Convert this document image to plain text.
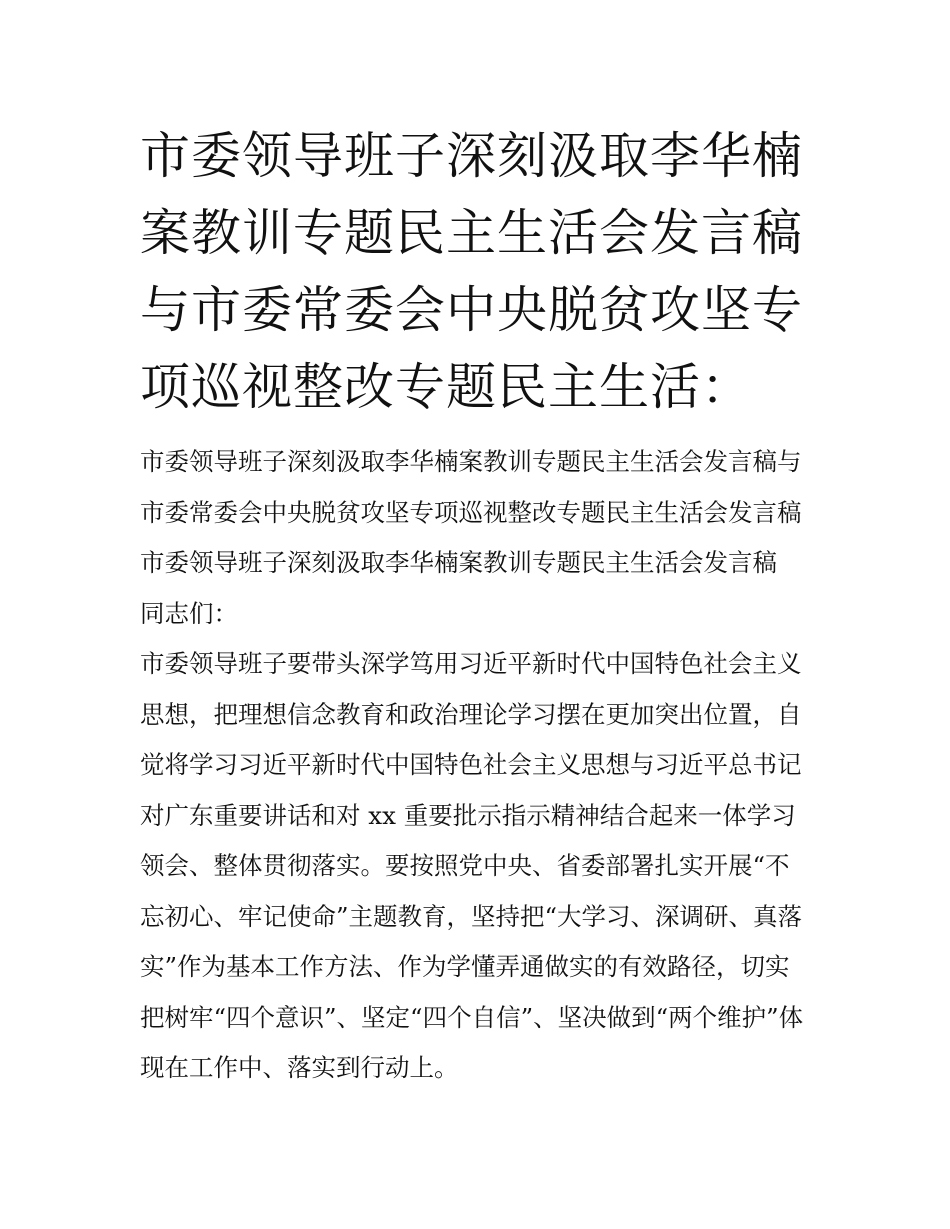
市委领导班子深刻汲取李华楠
案教训专题民主生活会发言稿
与市委常委会中央脱贫攻坚专
项巡视整改专题民主生活：
市委领导班子深刻汲取李华楠案教训专题民主生活会发言稿与
市委常委会中央脱贫攻坚专项巡视整改专题民主生活会发言稿
市委领导班子深刻汲取李华楠案教训专题民主生活会发言稿
同志们：
市委领导班子要带头深学笃用习近平新时代中国特色社会主义
思想，把理想信念教育和政治理论学习摆在更加突出位置，自
觉将学习习近平新时代中国特色社会主义思想与习近平总书记
对广东重要讲话和对 xx 重要批示指示精神结合起来一体学习
领会、整体贯彻落实。要按照党中央、省委部署扎实开展“不
忘初心、牢记使命”主题教育，坚持把“大学习、深调研、真落
实”作为基本工作方法、作为学懂弄通做实的有效路径，切实
把树牢“四个意识”、坚定“四个自信”、坚决做到“两个维护”体
现在工作中、落实到行动上。
